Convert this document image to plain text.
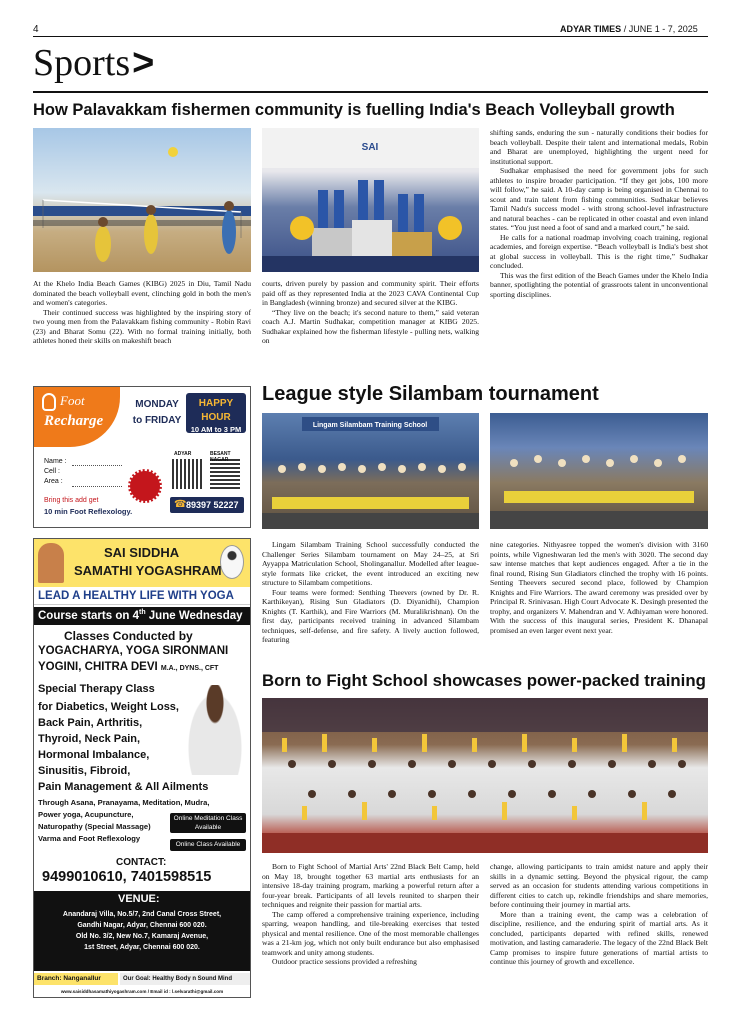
4	ADYAR TIMES / JUNE 1 - 7, 2025
Sports>
How Palavakkam fishermen community is fuelling India's Beach Volleyball growth
SAI

At the Khelo India Beach Games (KIBG) 2025 in Diu, Tamil Nadu dominated the beach volleyball event, clinching gold in both the men's and women's categories.

Their continued success was highlighted by the inspiring story of two young men from the Palavakkam fishing community - Robin Ravi (23) and Bharat Somu (22). With no formal training initially, both athletes honed their skills on makeshift beach

courts, driven purely by passion and community spirit. Their efforts paid off as they represented India at the 2023 CAVA Continental Cup in Bangladesh (winning bronze) and secured silver at the KIBG.

“They live on the beach; it's second nature to them,” said veteran coach A.J. Martin Sudhakar, competition manager at KIBG 2025. Sudhakar explained how the fisherman lifestyle - pulling nets, walking on

shifting sands, enduring the sun - naturally conditions their bodies for beach volleyball. Despite their talent and international medals, Robin and Bharat are unemployed, highlighting the urgent need for institutional support.

Sudhakar emphasised the need for government jobs for such athletes to inspire broader participation. “If they get jobs, 100 more will follow,” he said. A 10-day camp is being organised in Chennai to scout and train talent from fishing communities. Sudhakar believes Tamil Nadu's success model - with strong school-level infrastructure and natural beaches - can be replicated in other coastal and even inland states. “You just need a foot of sand and a marked court,” he said.

He calls for a national roadmap involving coach training, regional academies, and foreign expertise. “Beach volleyball is India's best shot at global success in volleyball. This is the right time,” Sudhakar concluded.

This was the first edition of the Beach Games under the Khelo India banner, spotlighting the potential of grassroots talent in unconventional sporting disciplines.

Foot
Recharge
MONDAY to FRIDAY
HAPPY HOUR
10 AM to 3 PM
Name :
Cell :
Area :
Bring this add get
10 min Foot Reflexology.
ADYAR	BESANT
☎ 89397 52227
SAI SIDDHA
SAMATHI YOGASHRAM
LEAD A HEALTHY LIFE WITH YOGA
Course starts on 4th June Wednesday
Classes Conducted by
YOGACHARYA, YOGA SIRONMANI
YOGINI, CHITRA DEVI M.A., DYNS., CFT
Special Therapy Class
for Diabetics, Weight Loss,
Back Pain, Arthritis,
Thyroid, Neck Pain,
Hormonal Imbalance,
Sinusitis, Fibroid,
Pain Management & All Ailments
Through Asana, Pranayama, Meditation, Mudra,
Power yoga, Acupuncture,
Naturopathy (Special Massage)
Varma and Foot Reflexology
Online Meditation Class Available
Online Class Available
CONTACT:
9499010610, 7401598515
VENUE:
Anandaraj Villa, No.5/7, 2nd Canal Cross Street,
Gandhi Nagar, Adyar, Chennai 600 020.
Old No. 3/2, New No.7, Kamaraj Avenue,
1st Street, Adyar, Chennai 600 020.
Branch: Nanganallur	Our Goal: Healthy Body n Sound Mind
www.saisiddhasamathiyogashram.com / Email id : l.selvarathi@gmail.com
League style Silambam tournament
Lingam Silambam Training School

Lingam Silambam Training School successfully conducted the Challenger Series Silambam tournament on May 24–25, at Sri Ayyappa Matriculation School, Sholinganallur. Modelled after league-style formats like cricket, the event introduced an exciting new structure to Silambam competitions.

Four teams were formed: Senthing Theevers (owned by Dr. R. Karthikeyan), Rising Sun Gladiators (D. Diyanidhi), Champion Knights (T. Karthik), and Fire Warriors (M. Muralikrishnan). On the first day, participants received training in advanced Silambam techniques, self-defense, and fire safety. A lively auction followed, featuring

nine categories. Nithyasree topped the women's division with 3160 points, while Vigneshwaran led the men's with 3020. The second day saw intense matches that kept audiences engaged. After a tie in the final round, Rising Sun Gladiators clinched the trophy with 16 points. Senting Theevers secured second place, followed by Champion Knights and Fire Warriors. The award ceremony was presided over by Principal R. Srinivasan. High Court Advocate K. Desingh presented the trophy, and organizers V. Mahendran and V. Adhiyaman were honored. With the success of this inaugural series, President K. Dhanapal promised an even larger event next year.

Born to Fight School showcases power-packed training

Born to Fight School of Martial Arts' 22nd Black Belt Camp, held on May 18, brought together 63 martial arts enthusiasts for an intensive 18-day training program, marking a powerful return after a four-year break. Participants of all levels reunited to sharpen their techniques and reignite their passion for martial arts.

The camp offered a comprehensive training experience, including sparring, weapon handling, and tile-breaking exercises that tested physical and mental resilience. One of the most memorable challenges was a 21-km jog, which not only built endurance but also emphasised teamwork and unity among students.

Outdoor practice sessions provided a refreshing

change, allowing participants to train amidst nature and apply their skills in a dynamic setting. Beyond the physical rigour, the camp served as an occasion for students attending various competitions in different cities to catch up, rekindle friendships and share memories, before continuing their journey in martial arts.

More than a training event, the camp was a celebration of discipline, resilience, and the enduring spirit of martial arts. As it concluded, participants departed with refined skills, renewed motivation, and lasting camaraderie. The legacy of the 22nd Black Belt Camp promises to inspire future generations of martial artists to continue this journey of growth and excellence.
